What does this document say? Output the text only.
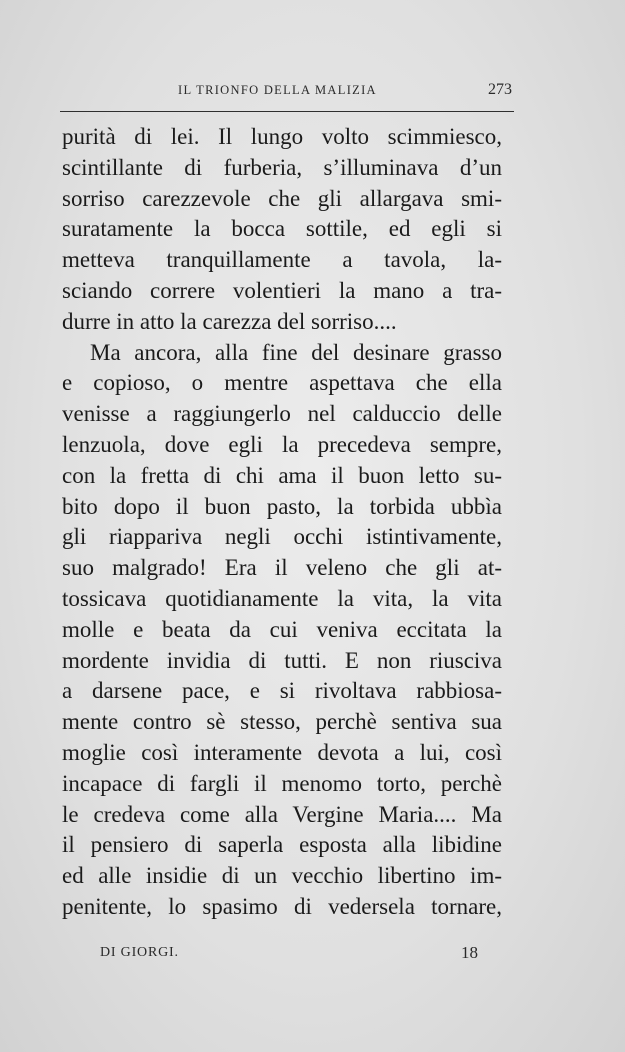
IL TRIONFO DELLA MALIZIA	273
purità di lei. Il lungo volto scimmiesco,
scintillante di furberia, s’illuminava d’un
sorriso carezzevole che gli allargava smi-
suratamente la bocca sottile, ed egli si
metteva tranquillamente a tavola, la-
sciando correre volentieri la mano a tra-
durre in atto la carezza del sorriso....
Ma ancora, alla fine del desinare grasso
e copioso, o mentre aspettava che ella
venisse a raggiungerlo nel calduccio delle
lenzuola, dove egli la precedeva sempre,
con la fretta di chi ama il buon letto su-
bito dopo il buon pasto, la torbida ubbìa
gli riappariva negli occhi istintivamente,
suo malgrado! Era il veleno che gli at-
tossicava quotidianamente la vita, la vita
molle e beata da cui veniva eccitata la
mordente invidia di tutti. E non riusciva
a darsene pace, e si rivoltava rabbiosa-
mente contro sè stesso, perchè sentiva sua
moglie così interamente devota a lui, così
incapace di fargli il menomo torto, perchè
le credeva come alla Vergine Maria.... Ma
il pensiero di saperla esposta alla libidine
ed alle insidie di un vecchio libertino im-
penitente, lo spasimo di vedersela tornare,
DI GIORGI.	18
